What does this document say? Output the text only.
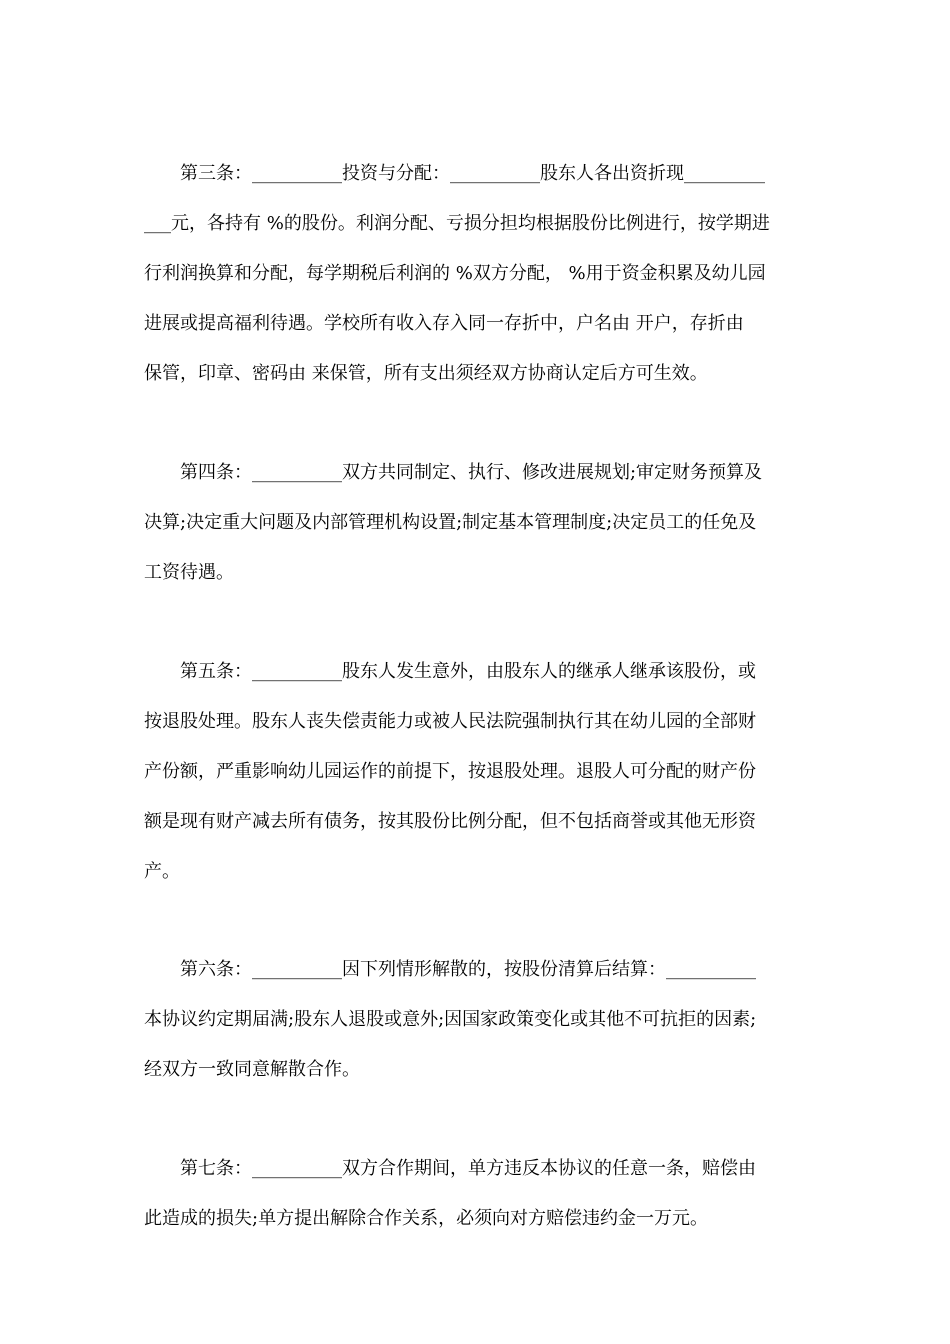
第三条：__________投资与分配：__________股东人各出资折现_________

___元，各持有 %的股份。利润分配、亏损分担均根据股份比例进行，按学期进

行利润换算和分配，每学期税后利润的 %双方分配， %用于资金积累及幼儿园

进展或提高福利待遇。学校所有收入存入同一存折中，户名由 开户，存折由

保管，印章、密码由 来保管，所有支出须经双方协商认定后方可生效。

第四条：__________双方共同制定、执行、修改进展规划;审定财务预算及

决算;决定重大问题及内部管理机构设置;制定基本管理制度;决定员工的任免及

工资待遇。

第五条：__________股东人发生意外，由股东人的继承人继承该股份，或

按退股处理。股东人丧失偿责能力或被人民法院强制执行其在幼儿园的全部财

产份额，严重影响幼儿园运作的前提下，按退股处理。退股人可分配的财产份

额是现有财产减去所有债务，按其股份比例分配，但不包括商誉或其他无形资

产。

第六条：__________因下列情形解散的，按股份清算后结算：__________

本协议约定期届满;股东人退股或意外;因国家政策变化或其他不可抗拒的因素;

经双方一致同意解散合作。

第七条：__________双方合作期间，单方违反本协议的任意一条，赔偿由

此造成的损失;单方提出解除合作关系，必须向对方赔偿违约金一万元。
